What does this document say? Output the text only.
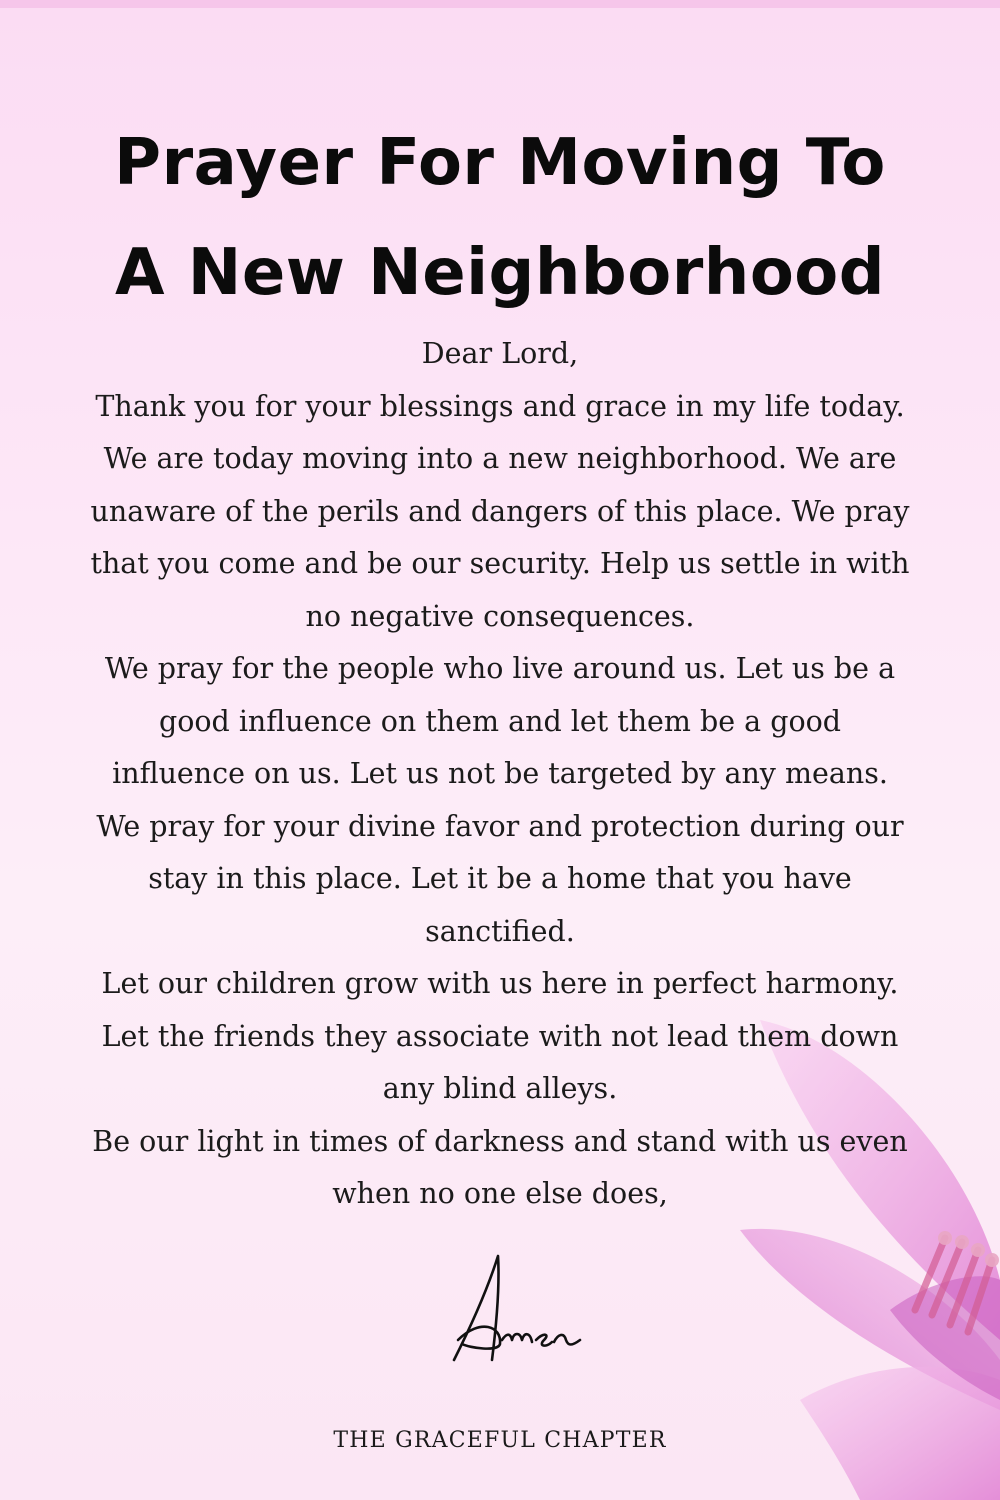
Prayer For Moving To
A New Neighborhood
Dear Lord,
Thank you for your blessings and grace in my life today.
We are today moving into a new neighborhood. We are
unaware of the perils and dangers of this place. We pray
that you come and be our security. Help us settle in with
no negative consequences.
We pray for the people who live around us. Let us be a
good influence on them and let them be a good
influence on us. Let us not be targeted by any means.
We pray for your divine favor and protection during our
stay in this place. Let it be a home that you have
sanctified.
Let our children grow with us here in perfect harmony.
Let the friends they associate with not lead them down
any blind alleys.
Be our light in times of darkness and stand with us even
when no one else does,
THE GRACEFUL CHAPTER
